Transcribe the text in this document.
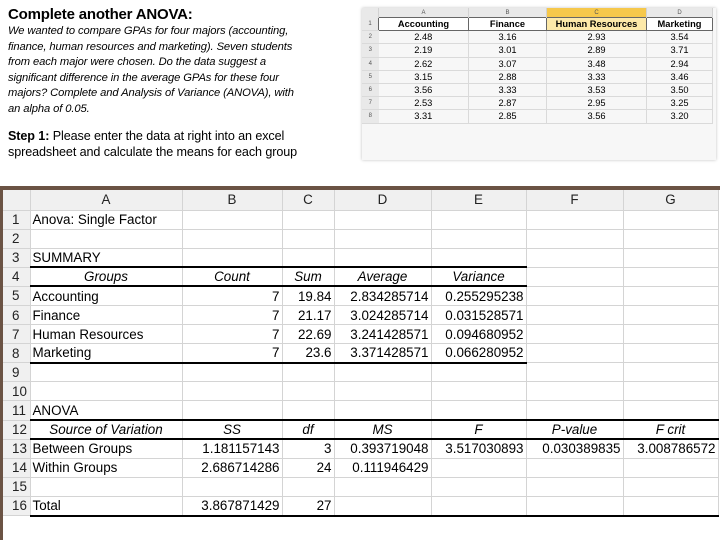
Complete another ANOVA:
We wanted to compare GPAs for four majors (accounting,
finance, human resources and marketing). Seven students
from each major were chosen. Do the data suggest a
significant difference in the average GPAs for these four
majors? Complete and Analysis of Variance (ANOVA), with
an alpha of 0.05.
Step 1: Please enter the data at right into an excel
spreadsheet and calculate the means for each group
	A	B	C	D
1	Accounting	Finance	Human Resources	Marketing
2	2.48	3.16	2.93	3.54
3	2.19	3.01	2.89	3.71
4	2.62	3.07	3.48	2.94
5	3.15	2.88	3.33	3.46
6	3.56	3.33	3.53	3.50
7	2.53	2.87	2.95	3.25
8	3.31	2.85	3.56	3.20
	A	B	C	D	E	F	G
1	Anova: Single Factor						
2							
3	SUMMARY						
4	Groups	Count	Sum	Average	Variance		
5	Accounting	7	19.84	2.834285714	0.255295238		
6	Finance	7	21.17	3.024285714	0.031528571		
7	Human Resources	7	22.69	3.241428571	0.094680952		
8	Marketing	7	23.6	3.371428571	0.066280952		
9							
10							
11	ANOVA						
12	Source of Variation	SS	df	MS	F	P-value	F crit
13	Between Groups	1.181157143	3	0.393719048	3.517030893	0.030389835	3.008786572
14	Within Groups	2.686714286	24	0.111946429			
15							
16	Total	3.867871429	27				
